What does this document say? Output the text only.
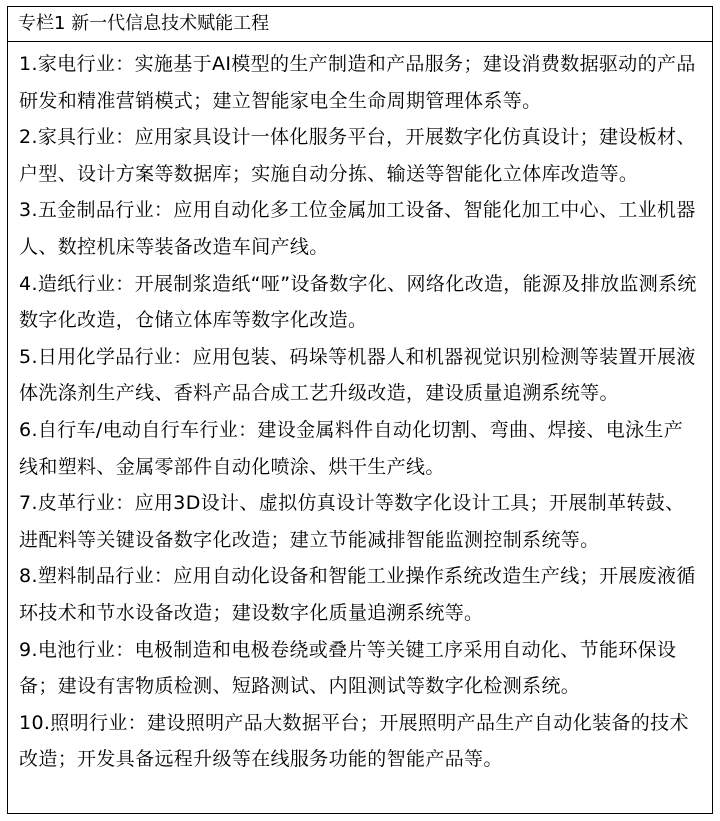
专栏1 新一代信息技术赋能工程

1.家电行业：实施基于AI模型的生产制造和产品服务；建设消费数据驱动的产品研发和精准营销模式；建立智能家电全生命周期管理体系等。

2.家具行业：应用家具设计一体化服务平台，开展数字化仿真设计；建设板材、户型、设计方案等数据库；实施自动分拣、输送等智能化立体库改造等。

3.五金制品行业：应用自动化多工位金属加工设备、智能化加工中心、工业机器人、数控机床等装备改造车间产线。

4.造纸行业：开展制浆造纸“哑”设备数字化、网络化改造，能源及排放监测系统数字化改造，仓储立体库等数字化改造。

5.日用化学品行业：应用包装、码垛等机器人和机器视觉识别检测等装置开展液体洗涤剂生产线、香料产品合成工艺升级改造，建设质量追溯系统等。

6.自行车/电动自行车行业：建设金属料件自动化切割、弯曲、焊接、电泳生产线和塑料、金属零部件自动化喷涂、烘干生产线。

7.皮革行业：应用3D设计、虚拟仿真设计等数字化设计工具；开展制革转鼓、进配料等关键设备数字化改造；建立节能减排智能监测控制系统等。

8.塑料制品行业：应用自动化设备和智能工业操作系统改造生产线；开展废液循环技术和节水设备改造；建设数字化质量追溯系统等。

9.电池行业：电极制造和电极卷绕或叠片等关键工序采用自动化、节能环保设备；建设有害物质检测、短路测试、内阻测试等数字化检测系统。

10.照明行业：建设照明产品大数据平台；开展照明产品生产自动化装备的技术改造；开发具备远程升级等在线服务功能的智能产品等。
